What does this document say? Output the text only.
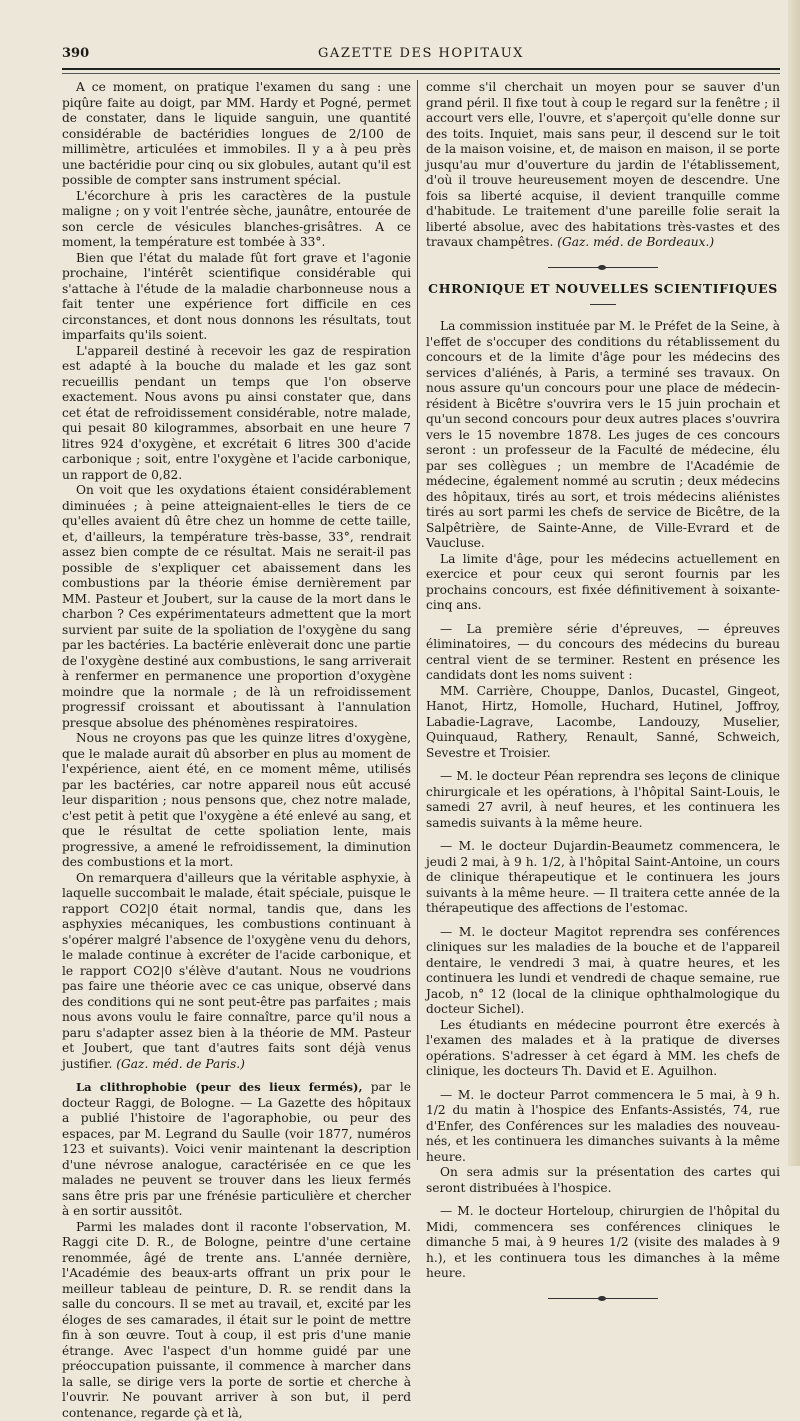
390	GAZETTE DES HOPITAUX

A ce moment, on pratique l'examen du sang : une piqûre faite au doigt, par MM. Hardy et Pogné, permet de constater, dans le liquide sanguin, une quantité considérable de bactéridies longues de 2/100 de millimètre, articulées et immobiles. Il y a à peu près une bactéridie pour cinq ou six globules, autant qu'il est possible de compter sans instrument spécial.

L'écorchure à pris les caractères de la pustule maligne ; on y voit l'entrée sèche, jaunâtre, entourée de son cercle de vésicules blanches-grisâtres. A ce moment, la température est tombée à 33°.

Bien que l'état du malade fût fort grave et l'agonie prochaine, l'intérêt scientifique considérable qui s'attache à l'étude de la maladie charbonneuse nous a fait tenter une expérience fort difficile en ces circonstances, et dont nous donnons les résultats, tout imparfaits qu'ils soient.

L'appareil destiné à recevoir les gaz de respiration est adapté à la bouche du malade et les gaz sont recueillis pendant un temps que l'on observe exactement. Nous avons pu ainsi constater que, dans cet état de refroidissement considérable, notre malade, qui pesait 80 kilogrammes, absorbait en une heure 7 litres 924 d'oxygène, et excrétait 6 litres 300 d'acide carbonique ; soit, entre l'oxygène et l'acide carbonique, un rapport de 0,82.

On voit que les oxydations étaient considérablement diminuées ; à peine atteignaient-elles le tiers de ce qu'elles avaient dû être chez un homme de cette taille, et, d'ailleurs, la température très-basse, 33°, rendrait assez bien compte de ce résultat. Mais ne serait-il pas possible de s'expliquer cet abaissement dans les combustions par la théorie émise dernièrement par MM. Pasteur et Joubert, sur la cause de la mort dans le charbon ? Ces expérimentateurs admettent que la mort survient par suite de la spoliation de l'oxygène du sang par les bactéries. La bactérie enlèverait donc une partie de l'oxygène destiné aux combustions, le sang arriverait à renfermer en permanence une proportion d'oxygène moindre que la normale ; de là un refroidissement progressif croissant et aboutissant à l'annulation presque absolue des phénomènes respiratoires.

Nous ne croyons pas que les quinze litres d'oxygène, que le malade aurait dû absorber en plus au moment de l'expérience, aient été, en ce moment même, utilisés par les bactéries, car notre appareil nous eût accusé leur disparition ; nous pensons que, chez notre malade, c'est petit à petit que l'oxygène a été enlevé au sang, et que le résultat de cette spoliation lente, mais progressive, a amené le refroidissement, la diminution des combustions et la mort.

On remarquera d'ailleurs que la véritable asphyxie, à laquelle succombait le malade, était spéciale, puisque le rapport CO2|0 était normal, tandis que, dans les asphyxies mécaniques, les combustions continuant à s'opérer malgré l'absence de l'oxygène venu du dehors, le malade continue à excréter de l'acide carbonique, et le rapport CO2|0 s'élève d'autant. Nous ne voudrions pas faire une théorie avec ce cas unique, observé dans des conditions qui ne sont peut-être pas parfaites ; mais nous avons voulu le faire connaître, parce qu'il nous a paru s'adapter assez bien à la théorie de MM. Pasteur et Joubert, que tant d'autres faits sont déjà venus justifier. (Gaz. méd. de Paris.)

La clithrophobie (peur des lieux fermés), par le docteur Raggi, de Bologne. — La Gazette des hôpitaux a publié l'histoire de l'agoraphobie, ou peur des espaces, par M. Legrand du Saulle (voir 1877, numéros 123 et suivants). Voici venir maintenant la description d'une névrose analogue, caractérisée en ce que les malades ne peuvent se trouver dans les lieux fermés sans être pris par une frénésie particulière et chercher à en sortir aussitôt.

Parmi les malades dont il raconte l'observation, M. Raggi cite D. R., de Bologne, peintre d'une certaine renommée, âgé de trente ans. L'année dernière, l'Académie des beaux-arts offrant un prix pour le meilleur tableau de peinture, D. R. se rendit dans la salle du concours. Il se met au travail, et, excité par les éloges de ses camarades, il était sur le point de mettre fin à son œuvre. Tout à coup, il est pris d'une manie étrange. Avec l'aspect d'un homme guidé par une préoccupation puissante, il commence à marcher dans la salle, se dirige vers la porte de sortie et cherche à l'ouvrir. Ne pouvant arriver à son but, il perd contenance, regarde çà et là,

comme s'il cherchait un moyen pour se sauver d'un grand péril. Il fixe tout à coup le regard sur la fenêtre ; il accourt vers elle, l'ouvre, et s'aperçoit qu'elle donne sur des toits. Inquiet, mais sans peur, il descend sur le toit de la maison voisine, et, de maison en maison, il se porte jusqu'au mur d'ouverture du jardin de l'établissement, d'où il trouve heureusement moyen de descendre. Une fois sa liberté acquise, il devient tranquille comme d'habitude. Le traitement d'une pareille folie serait la liberté absolue, avec des habitations très-vastes et des travaux champêtres. (Gaz. méd. de Bordeaux.)

CHRONIQUE ET NOUVELLES SCIENTIFIQUES

La commission instituée par M. le Préfet de la Seine, à l'effet de s'occuper des conditions du rétablissement du concours et de la limite d'âge pour les médecins des services d'aliénés, à Paris, a terminé ses travaux. On nous assure qu'un concours pour une place de médecin-résident à Bicêtre s'ouvrira vers le 15 juin prochain et qu'un second concours pour deux autres places s'ouvrira vers le 15 novembre 1878. Les juges de ces concours seront : un professeur de la Faculté de médecine, élu par ses collègues ; un membre de l'Académie de médecine, également nommé au scrutin ; deux médecins des hôpitaux, tirés au sort, et trois médecins aliénistes tirés au sort parmi les chefs de service de Bicêtre, de la Salpêtrière, de Sainte-Anne, de Ville-Evrard et de Vaucluse.

La limite d'âge, pour les médecins actuellement en exercice et pour ceux qui seront fournis par les prochains concours, est fixée définitivement à soixante-cinq ans.

— La première série d'épreuves, — épreuves éliminatoires, — du concours des médecins du bureau central vient de se terminer. Restent en présence les candidats dont les noms suivent :

MM. Carrière, Chouppe, Danlos, Ducastel, Gingeot, Hanot, Hirtz, Homolle, Huchard, Hutinel, Joffroy, Labadie-Lagrave, Lacombe, Landouzy, Muselier, Quinquaud, Rathery, Renault, Sanné, Schweich, Sevestre et Troisier.

— M. le docteur Péan reprendra ses leçons de clinique chirurgicale et les opérations, à l'hôpital Saint-Louis, le samedi 27 avril, à neuf heures, et les continuera les samedis suivants à la même heure.

— M. le docteur Dujardin-Beaumetz commencera, le jeudi 2 mai, à 9 h. 1/2, à l'hôpital Saint-Antoine, un cours de clinique thérapeutique et le continuera les jours suivants à la même heure. — Il traitera cette année de la thérapeutique des affections de l'estomac.

— M. le docteur Magitot reprendra ses conférences cliniques sur les maladies de la bouche et de l'appareil dentaire, le vendredi 3 mai, à quatre heures, et les continuera les lundi et vendredi de chaque semaine, rue Jacob, n° 12 (local de la clinique ophthalmologique du docteur Sichel).

Les étudiants en médecine pourront être exercés à l'examen des malades et à la pratique de diverses opérations. S'adresser à cet égard à MM. les chefs de clinique, les docteurs Th. David et E. Aguilhon.

— M. le docteur Parrot commencera le 5 mai, à 9 h. 1/2 du matin à l'hospice des Enfants-Assistés, 74, rue d'Enfer, des Conférences sur les maladies des nouveau-nés, et les continuera les dimanches suivants à la même heure.

On sera admis sur la présentation des cartes qui seront distribuées à l'hospice.

— M. le docteur Horteloup, chirurgien de l'hôpital du Midi, commencera ses conférences cliniques le dimanche 5 mai, à 9 heures 1/2 (visite des malades à 9 h.), et les continuera tous les dimanches à la même heure.
